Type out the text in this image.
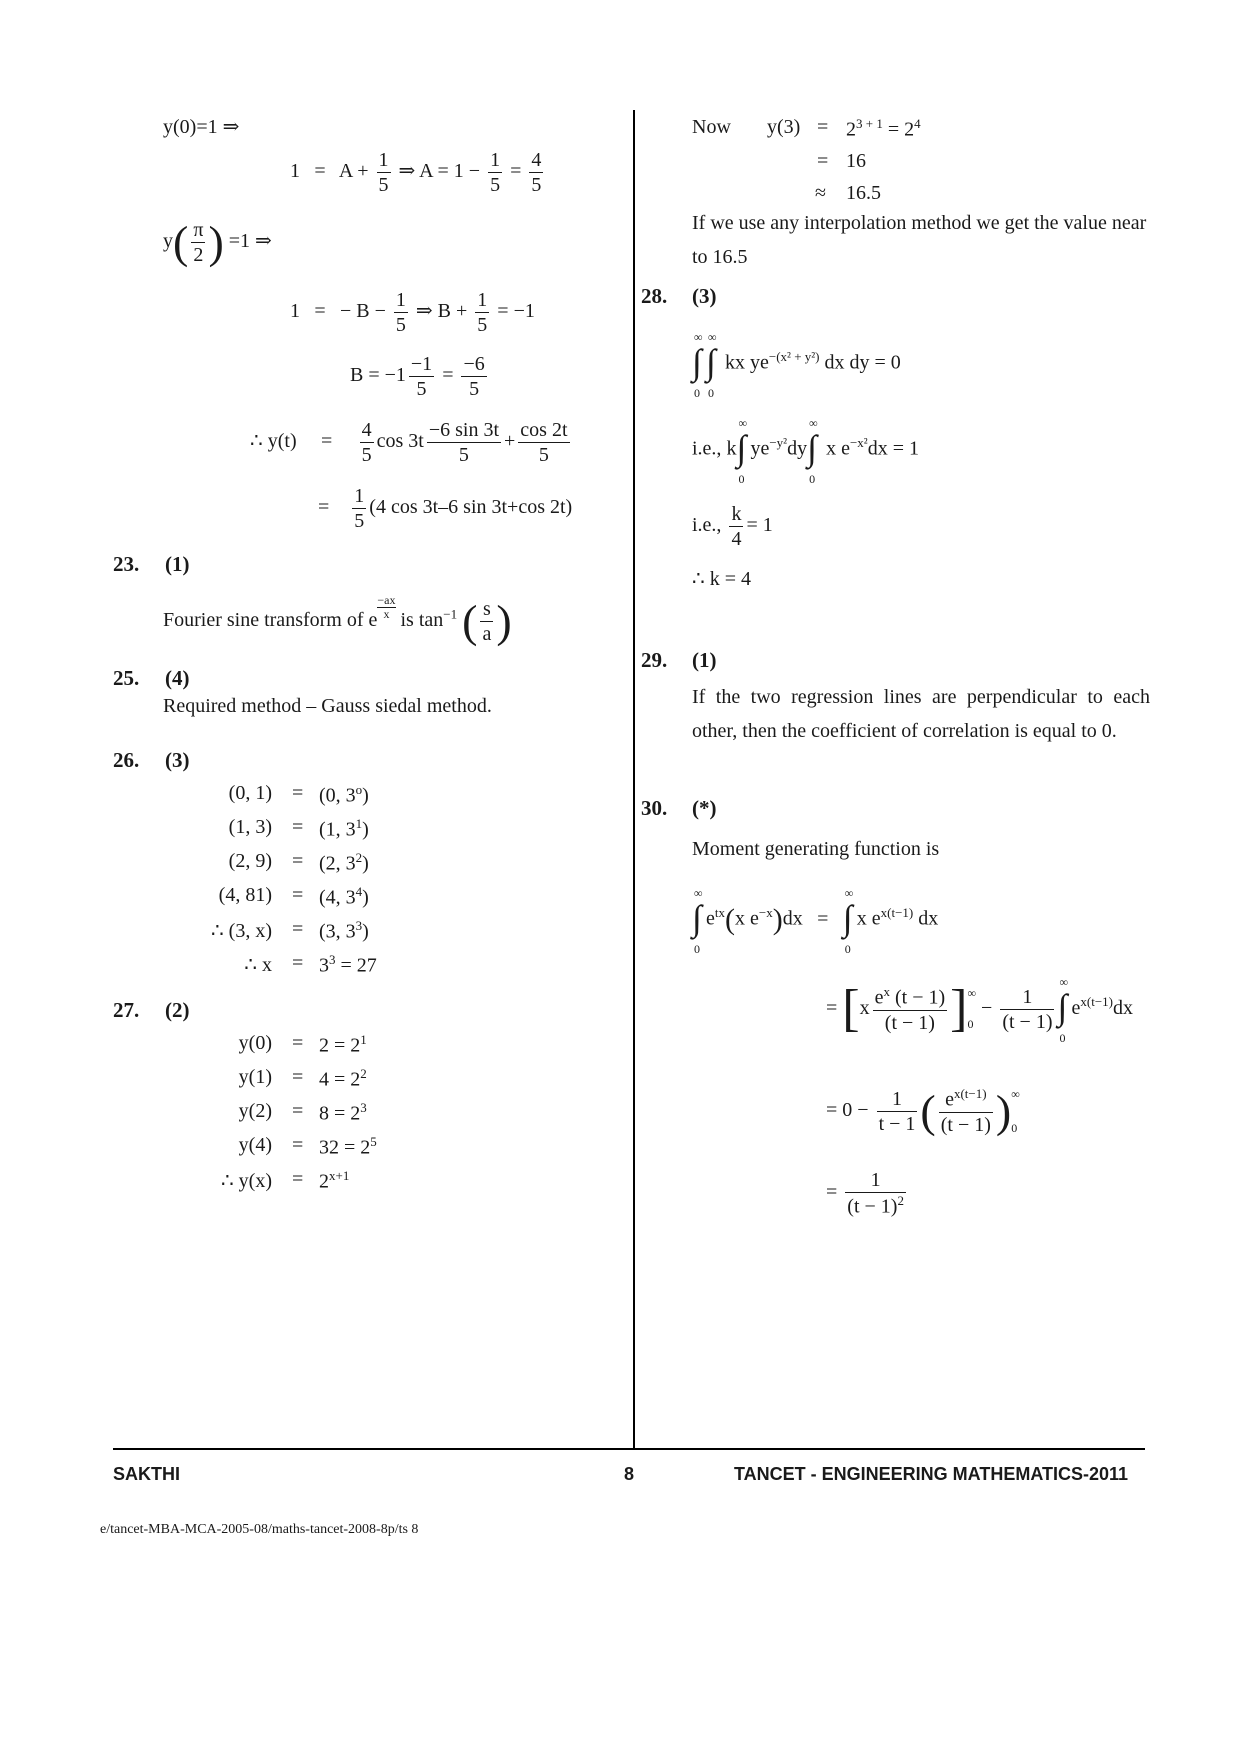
y(0)=1 ⇒
$1 = A + \frac{1}{5}$ ⇒ $A = 1 - \frac{1}{5} = \frac{4}{5}$
$y( \frac{\pi}{2}$ ) =1 ⇒
1 = − $B - \frac{1}{5}$ ⇒ $B + \frac{1}{5} = -1$
$B = -1 \frac{-1}{5} = \frac{-6}{5}$
∴ $y(t) = \frac{4}{5}$ $\cos 3t \frac{-6 \sin 3t}{5} + \frac{\cos 2t}{5}$
= $\frac{1}{5} (4$ cos 3t–6 sin 3t+cos 2t)
23. (1)
Fourier sine transform of e $\frac{-ax}{x}$ is $\tan^{-1}$ ( $\frac{s}{a}$ )
25. (4)
Required method – Gauss siedal method.
26. (3)
(0, 1) = (0, 3$^o$)
(1, 3) = (1, $3^1$)
(2, 9) = (2, $3^2$)
(4, 81) = (4, $3^4$)
∴ (3, x) = (3, $3^3$)
∴ $x = 3^3 = 27$
27. (2)
$y(0) = 2 = 2^1$
$y(1) = 4 = 2^2$
$y(2) = 8 = 2^3$
$y(4) = 32 = 2^5$
∴ $y(x) = 2^{x+1}$
Now $y(3) = 2^{3 + 1} = 2^4$
= 16
≈ 16.5
If we use any interpolation method we get the value near to 16.5
28. (3)
∫
∞
0
∫
∞
0
kx $ye^{-(x^2 + y^2)}$ dx dy = 0
i.e., k ∫
∞
0
$ye^{-y^2}dy$ ∫
∞
0
x $e^{-x^2}dx = 1$
i.e., $\frac{k}{4} = 1$
∴ k = 4
29. (1)
If the two regression lines are perpendicular to each other, then the coefficient of correlation is equal to 0.
30. (*)
Moment generating function is
∫
∞
0
$e^{tx}(x$ $e^{-x})dx$ = ∫
∞
0
x $e^{x(t-1)}$ dx
= [$x \frac{e^x (t - 1)}{(t - 1)}$ ] ∞
0
− $\frac{1}{(t - 1)}$ ∫
∞
0
$e^{x(t-1)}dx$
= $0 - \frac{1}{t - 1}$ ( $\frac{e^{x(t-1)}}{(t - 1)}$ ) ∞
0
= $\frac{1}{(t - 1)^2}$
SAKTHI	8	TANCET - ENGINEERING MATHEMATICS-2011
e/tancet-MBA-MCA-2005-08/maths-tancet-2008-8p/ts 8
